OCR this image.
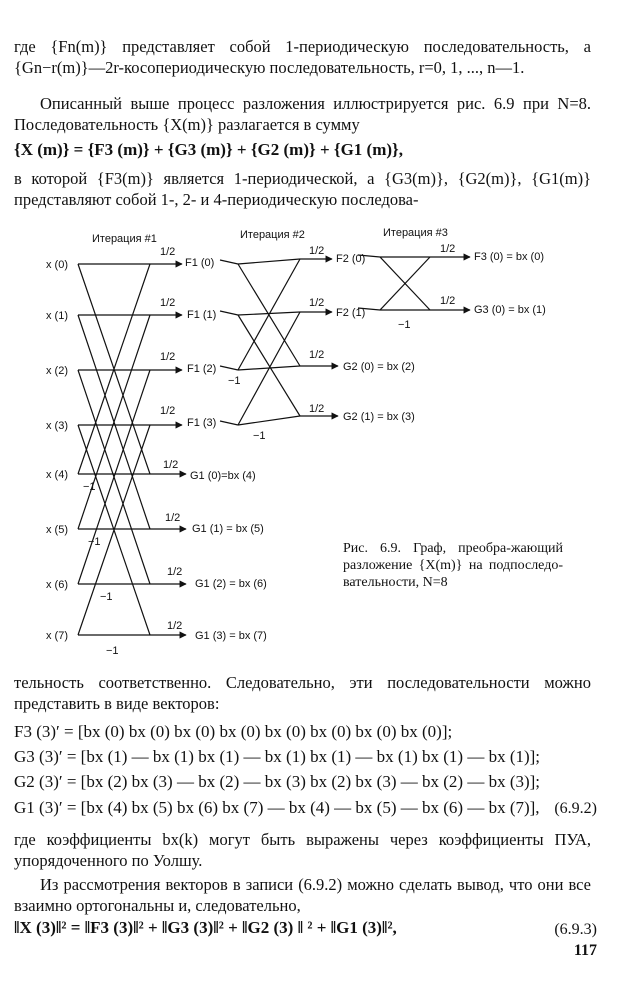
где {Fn(m)} представляет собой 1-периодическую последовательность, а {Gn−r(m)}—2r-косопериодическую последовательность, r=0, 1, ..., n—1.

Описанный выше процесс разложения иллюстрируется рис. 6.9 при N=8. Последовательность {X(m)} разлагается в сумму

{X (m)} = {F3 (m)} + {G3 (m)} + {G2 (m)} + {G1 (m)},

в которой {F3(m)} является 1-периодической, а {G3(m)}, {G2(m)}, {G1(m)} представляют собой 1-, 2- и 4-периодическую последова-

Итерация #1	Итерация #2	Итерация #3
x (0)
x (1)
x (2)
x (3)
x (4)
x (5)
x (6)
x (7)
F1 (0)
F1 (1)
F1 (2)
F1 (3)
G1 (0)=bx (4)
G1 (1) = bx (5)
G1 (2) = bx (6)
G1 (3) = bx (7)
F2 (0)
F2 (1)
G2 (0) = bx (2)
G2 (1) = bx (3)
F3 (0) = bx (0)
G3 (0) = bx (1)
1/2
1/2
1/2
1/2
1/2
1/2
1/2
1/2
1/2
1/2
1/2
1/2
1/2
1/2
−1
−1
−1
−1
−1
−1
−1
Рис. 6.9. Граф, преобра-жающий разложение {X(m)} на подпоследо-вательности, N=8

тельность соответственно. Следовательно, эти последовательности можно представить в виде векторов:

F3 (3)′ = [bx (0) bx (0) bx (0) bx (0) bx (0) bx (0) bx (0) bx (0)];
G3 (3)′ = [bx (1) — bx (1) bx (1) — bx (1) bx (1) — bx (1) bx (1) — bx (1)];
G2 (3)′ = [bx (2) bx (3) — bx (2) — bx (3) bx (2) bx (3) — bx (2) — bx (3)];
G1 (3)′ = [bx (4) bx (5) bx (6) bx (7) — bx (4) — bx (5) — bx (6) — bx (7)], (6.9.2)

где коэффициенты bx(k) могут быть выражены через коэффициенты ПУА, упорядоченного по Уолшу.

Из рассмотрения векторов в записи (6.9.2) можно сделать вывод, что они все взаимно ортогональны и, следовательно,

‖X (3)‖² = ‖F3 (3)‖² + ‖G3 (3)‖² + ‖G2 (3) ‖ ² + ‖G1 (3)‖²,	(6.9.3)
117
